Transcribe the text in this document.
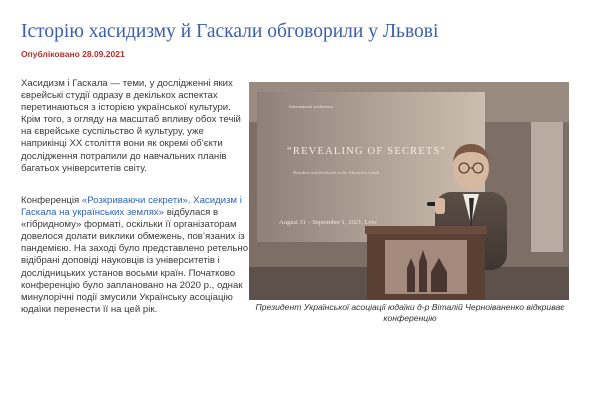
Історію хасидизму й Гаскали обговорили у Львові
Опубліковано 28.09.2021
Хасидизм і Гаскала — теми, у дослідженні яких єврейські студії одразу в декількох аспектах перетинаються з історією української культури. Крім того, з огляду на масштаб впливу обох течій на єврейське суспільство й культуру, уже наприкінці ХХ століття вони як окремі об’єкти дослідження потрапили до навчальних планів багатьох університетів світу.
Конференція «Розкриваючи секрети». Хасидизм і Гаскала на українських землях» відбулася в «гібридному» форматі, оскільки її організаторам довелося долати виклики обмежень, пов’язаних із пандемією. На заході було представлено ретельно відібрані доповіді науковців із університетів і дослідницьких установ восьми країн. Початково конференцію було заплановано на 2020 р., однак минулорічні події змусили Українську асоціацію юдаїки перенести її на цей рік.
International conference
“REVEALING OF SECRETS”
Hasidism and Haskalah in the Ukrainian Lands
August 31 – September 1, 2021, Lviv
Президент Української асоціації юдаїки д-р Віталій Черноіваненко відкриває конференцію
